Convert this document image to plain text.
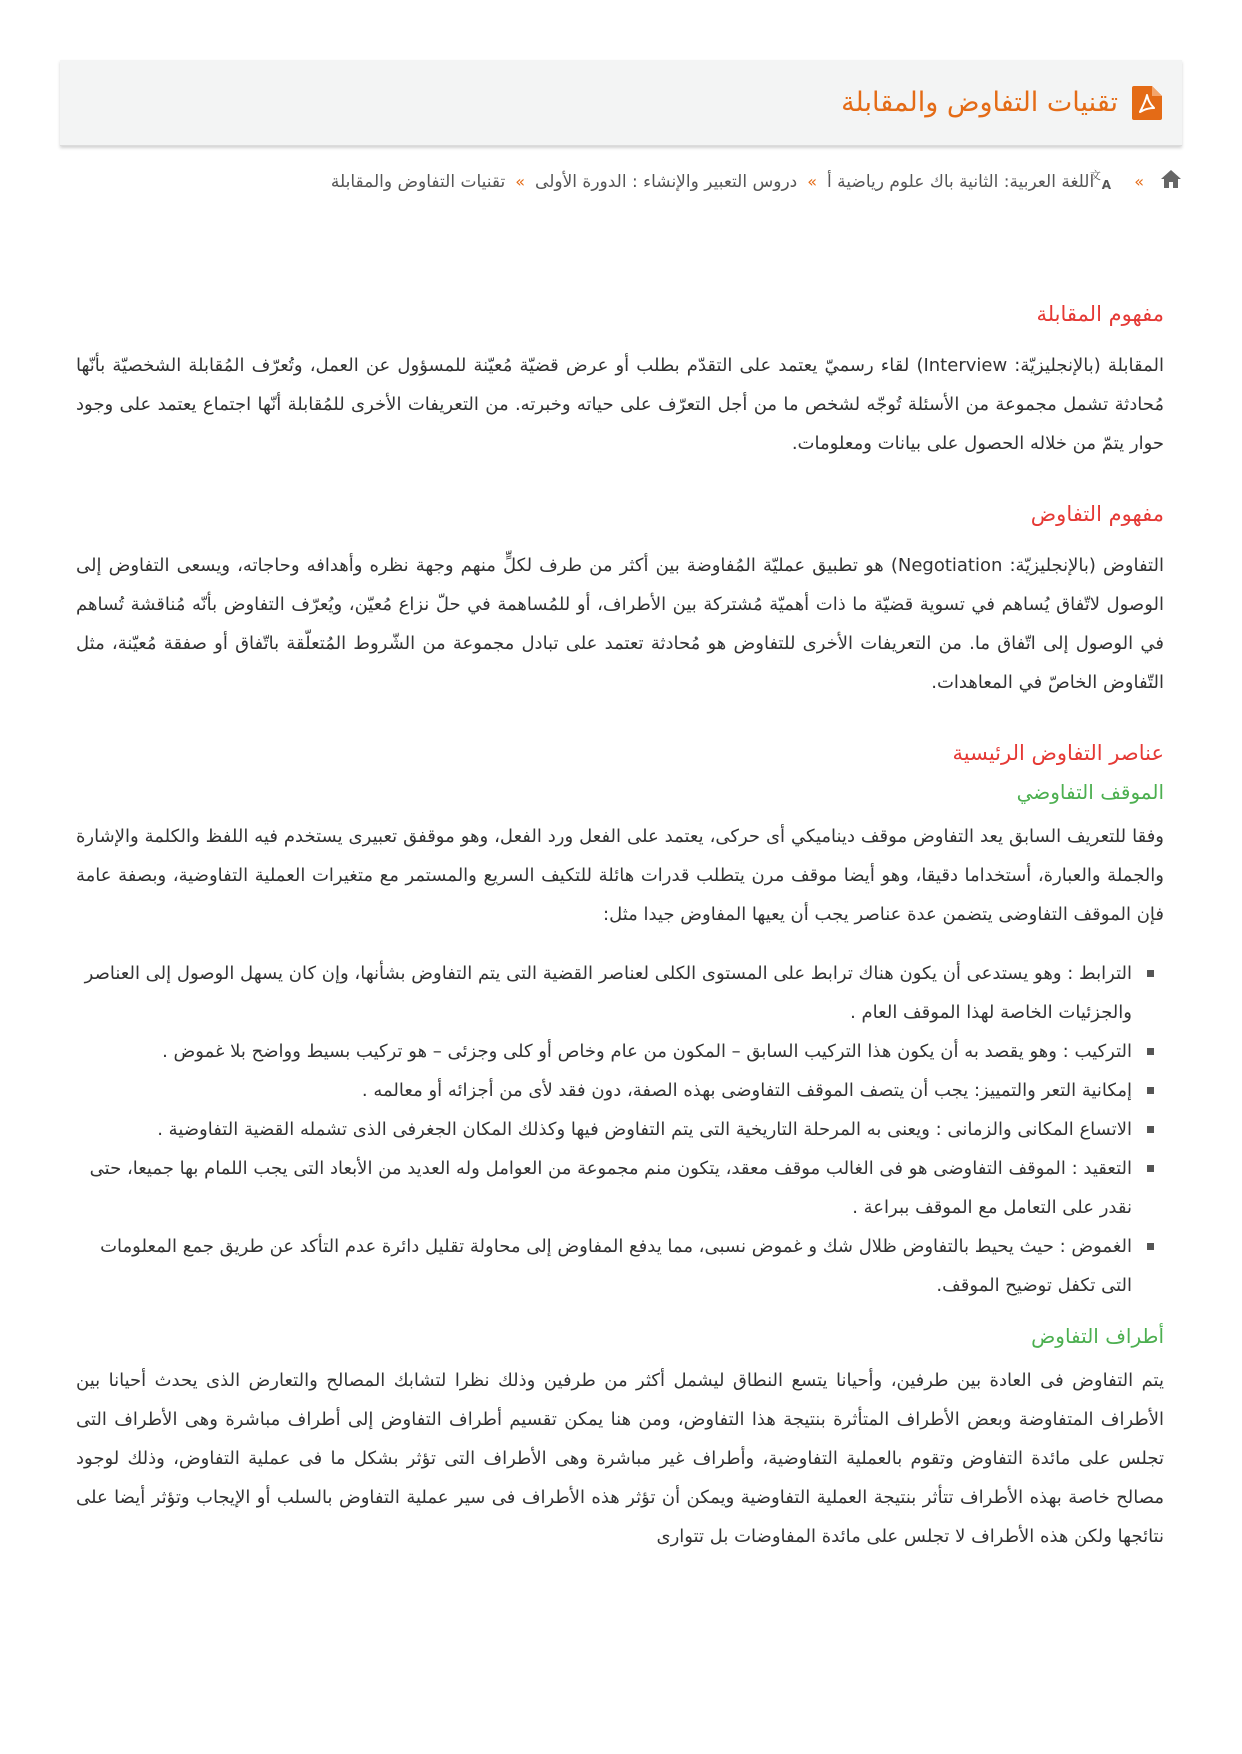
تقنيات التفاوض والمقابلة
»
文
A
اللغة العربية: الثانية باك علوم رياضية أ
»
دروس التعبير والإنشاء : الدورة الأولى
»
تقنيات التفاوض والمقابلة
مفهوم المقابلة

المقابلة (بالإنجليزيّة: Interview) لقاء رسميّ يعتمد على التقدّم بطلب أو عرض قضيّة مُعيّنة للمسؤول عن العمل، وتُعرّف المُقابلة الشخصيّة بأنّها مُحادثة تشمل مجموعة من الأسئلة تُوجّه لشخص ما من أجل التعرّف على حياته وخبرته. من التعريفات الأخرى للمُقابلة أنّها اجتماع يعتمد على وجود حوار يتمّ من خلاله الحصول على بيانات ومعلومات.

مفهوم التفاوض

التفاوض (بالإنجليزيّة: Negotiation) هو تطبيق عمليّة المُفاوضة بين أكثر من طرف لكلٍّ منهم وجهة نظره وأهدافه وحاجاته، ويسعى التفاوض إلى الوصول لاتّفاق يُساهم في تسوية قضيّة ما ذات أهميّة مُشتركة بين الأطراف، أو للمُساهمة في حلّ نزاع مُعيّن، ويُعرّف التفاوض بأنّه مُناقشة تُساهم في الوصول إلى اتّفاق ما. من التعريفات الأخرى للتفاوض هو مُحادثة تعتمد على تبادل مجموعة من الشّروط المُتعلّقة باتّفاق أو صفقة مُعيّنة، مثل التّفاوض الخاصّ في المعاهدات.

عناصر التفاوض الرئيسية
الموقف التفاوضي

وفقا للتعريف السابق يعد التفاوض موقف ديناميكي أى حركى، يعتمد على الفعل ورد الفعل، وهو موقفق تعبيرى يستخدم فيه اللفظ والكلمة والإشارة والجملة والعبارة، أستخداما دقيقا، وهو أيضا موقف مرن يتطلب قدرات هائلة للتكيف السريع والمستمر مع متغيرات العملية التفاوضية، وبصفة عامة فإن الموقف التفاوضى يتضمن عدة عناصر يجب أن يعيها المفاوض جيدا مثل:

الترابط : وهو يستدعى أن يكون هناك ترابط على المستوى الكلى لعناصر القضية التى يتم التفاوض بشأنها، وإن كان يسهل الوصول إلى العناصر والجزئيات الخاصة لهذا الموقف العام .
التركيب : وهو يقصد به أن يكون هذا التركيب السابق – المكون من عام وخاص أو كلى وجزئى – هو تركيب بسيط وواضح بلا غموض .
إمكانية التعر والتمييز: يجب أن يتصف الموقف التفاوضى بهذه الصفة، دون فقد لأى من أجزائه أو معالمه .
الاتساع المكانى والزمانى : ويعنى به المرحلة التاريخية التى يتم التفاوض فيها وكذلك المكان الجغرفى الذى تشمله القضية التفاوضية .
التعقيد : الموقف التفاوضى هو فى الغالب موقف معقد، يتكون منم مجموعة من العوامل وله العديد من الأبعاد التى يجب اللمام بها جميعا، حتى نقدر على التعامل مع الموقف ببراعة .
الغموض : حيث يحيط بالتفاوض ظلال شك و غموض نسبى، مما يدفع المفاوض إلى محاولة تقليل دائرة عدم التأكد عن طريق جمع المعلومات التى تكفل توضيح الموقف.
أطراف التفاوض

يتم التفاوض فى العادة بين طرفين، وأحيانا يتسع النطاق ليشمل أكثر من طرفين وذلك نظرا لتشابك المصالح والتعارض الذى يحدث أحيانا بين الأطراف المتفاوضة وبعض الأطراف المتأثرة بنتيجة هذا التفاوض، ومن هنا يمكن تقسيم أطراف التفاوض إلى أطراف مباشرة وهى الأطراف التى تجلس على مائدة التفاوض وتقوم بالعملية التفاوضية، وأطراف غير مباشرة وهى الأطراف التى تؤثر بشكل ما فى عملية التفاوض، وذلك لوجود مصالح خاصة بهذه الأطراف تتأثر بنتيجة العملية التفاوضية ويمكن أن تؤثر هذه الأطراف فى سير عملية التفاوض بالسلب أو الإيجاب وتؤثر أيضا على نتائجها ولكن هذه الأطراف لا تجلس على مائدة المفاوضات بل تتوارى
